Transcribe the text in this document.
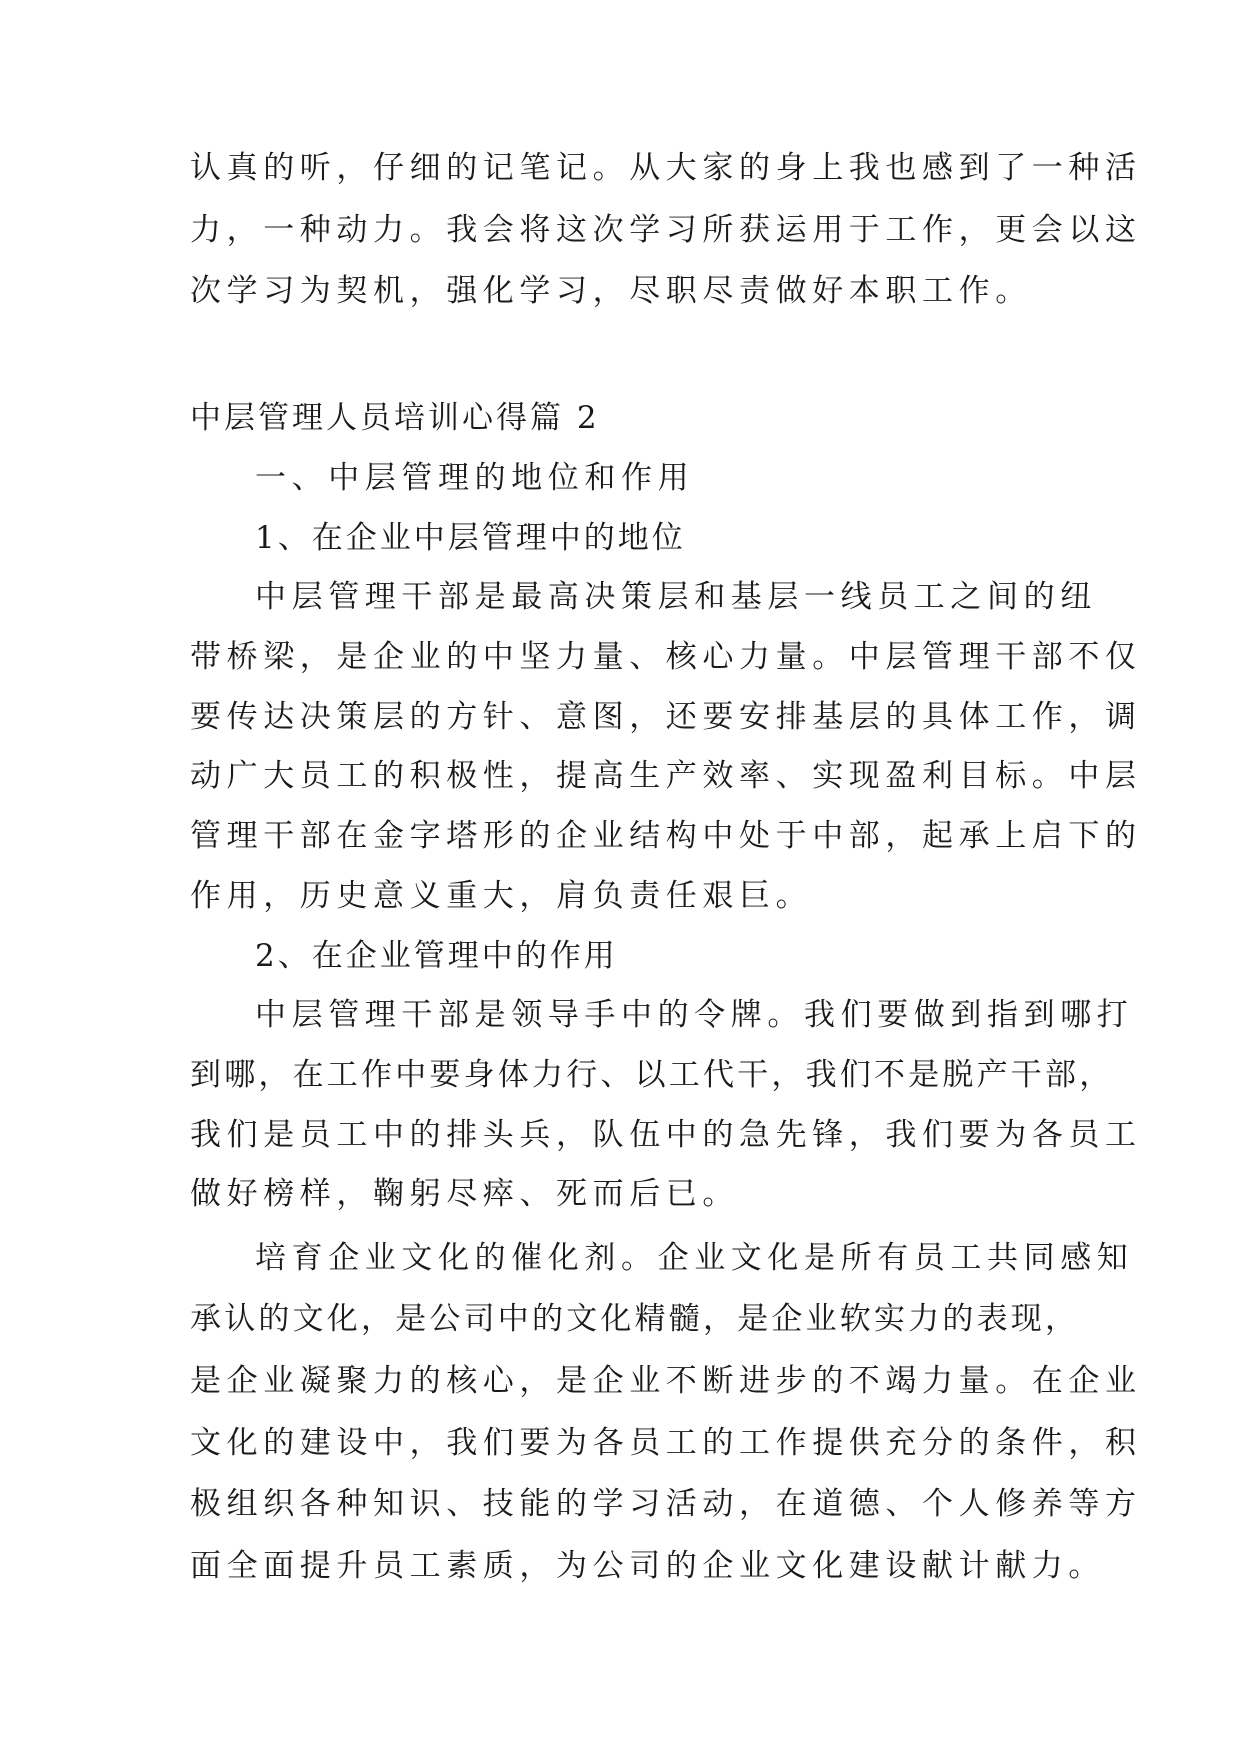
认真的听，仔细的记笔记。从大家的身上我也感到了一种活
力，一种动力。我会将这次学习所获运用于工作，更会以这
次学习为契机，强化学习，尽职尽责做好本职工作。
中层管理人员培训心得篇 2
一、中层管理的地位和作用
1、在企业中层管理中的地位
中层管理干部是最高决策层和基层一线员工之间的纽
带桥梁，是企业的中坚力量、核心力量。中层管理干部不仅
要传达决策层的方针、意图，还要安排基层的具体工作，调
动广大员工的积极性，提高生产效率、实现盈利目标。中层
管理干部在金字塔形的企业结构中处于中部，起承上启下的
作用，历史意义重大，肩负责任艰巨。
2、在企业管理中的作用
中层管理干部是领导手中的令牌。我们要做到指到哪打
到哪，在工作中要身体力行、以工代干，我们不是脱产干部，
我们是员工中的排头兵，队伍中的急先锋，我们要为各员工
做好榜样，鞠躬尽瘁、死而后已。
培育企业文化的催化剂。企业文化是所有员工共同感知
承认的文化，是公司中的文化精髓，是企业软实力的表现，
是企业凝聚力的核心，是企业不断进步的不竭力量。在企业
文化的建设中，我们要为各员工的工作提供充分的条件，积
极组织各种知识、技能的学习活动，在道德、个人修养等方
面全面提升员工素质，为公司的企业文化建设献计献力。
